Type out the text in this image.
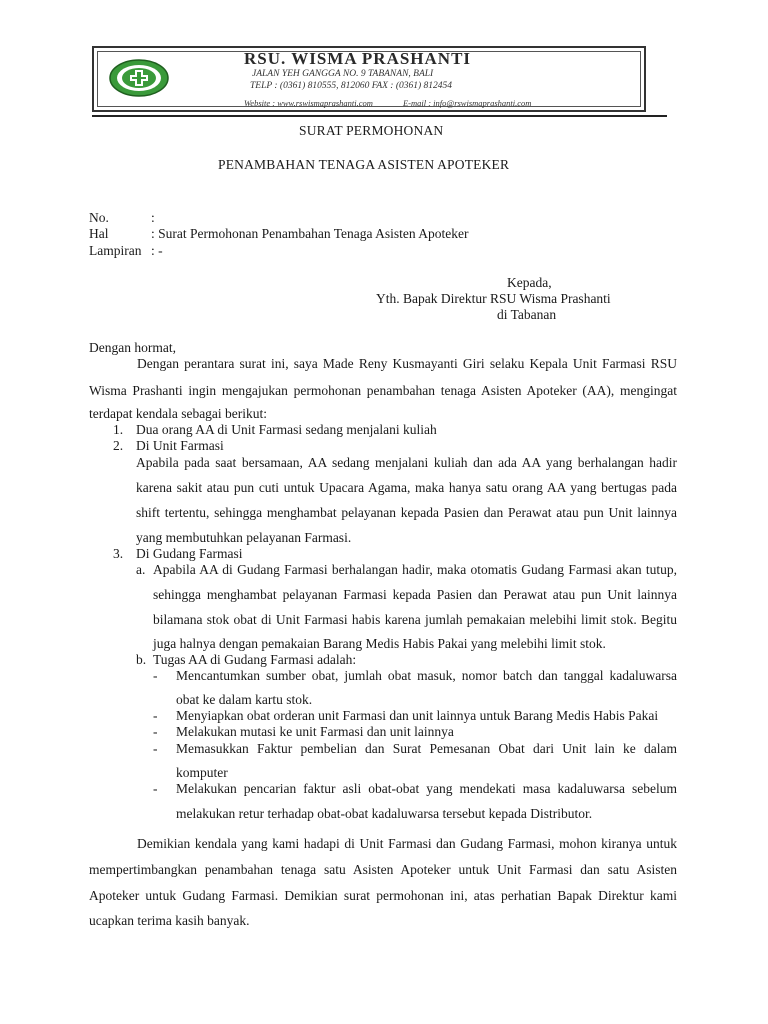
RSU. WISMA PRASHANTI

JALAN YEH GANGGA NO. 9 TABANAN, BALI

TELP : (0361) 810555, 812060 FAX : (0361) 812454

Website : www.rswismaprashanti.com	E-mail : info@rswismaprashanti.com
SURAT PERMOHONAN
PENAMBAHAN TENAGA ASISTEN APOTEKER
No.	:
Hal	: Surat Permohonan Penambahan Tenaga Asisten Apoteker
Lampiran : -
Kepada,
Yth. Bapak Direktur RSU Wisma Prashanti
di Tabanan
Dengan hormat,
Dengan perantara surat ini, saya Made Reny Kusmayanti Giri selaku Kepala Unit Farmasi RSU
Wisma Prashanti ingin mengajukan permohonan penambahan tenaga Asisten Apoteker (AA), mengingat
terdapat kendala sebagai berikut:
1. Dua orang AA di Unit Farmasi sedang menjalani kuliah
2. Di Unit Farmasi
Apabila pada saat bersamaan, AA sedang menjalani kuliah dan ada AA yang berhalangan hadir
karena sakit atau pun cuti untuk Upacara Agama, maka hanya satu orang AA yang bertugas pada
shift tertentu, sehingga menghambat pelayanan kepada Pasien dan Perawat atau pun Unit lainnya
yang membutuhkan pelayanan Farmasi.
3. Di Gudang Farmasi
a. Apabila AA di Gudang Farmasi berhalangan hadir, maka otomatis Gudang Farmasi akan tutup,
sehingga menghambat pelayanan Farmasi kepada Pasien dan Perawat atau pun Unit lainnya
bilamana stok obat di Unit Farmasi habis karena jumlah pemakaian melebihi limit stok. Begitu
juga halnya dengan pemakaian Barang Medis Habis Pakai yang melebihi limit stok.
b. Tugas AA di Gudang Farmasi adalah:
- Mencantumkan sumber obat, jumlah obat masuk, nomor batch dan tanggal kadaluwarsa
obat ke dalam kartu stok.
- Menyiapkan obat orderan unit Farmasi dan unit lainnya untuk Barang Medis Habis Pakai
- Melakukan mutasi ke unit Farmasi dan unit lainnya
- Memasukkan Faktur pembelian dan Surat Pemesanan Obat dari Unit lain ke dalam
komputer
- Melakukan pencarian faktur asli obat-obat yang mendekati masa kadaluwarsa sebelum
melakukan retur terhadap obat-obat kadaluwarsa tersebut kepada Distributor.
Demikian kendala yang kami hadapi di Unit Farmasi dan Gudang Farmasi, mohon kiranya untuk
mempertimbangkan penambahan tenaga satu Asisten Apoteker untuk Unit Farmasi dan satu Asisten
Apoteker untuk Gudang Farmasi. Demikian surat permohonan ini, atas perhatian Bapak Direktur kami
ucapkan terima kasih banyak.
